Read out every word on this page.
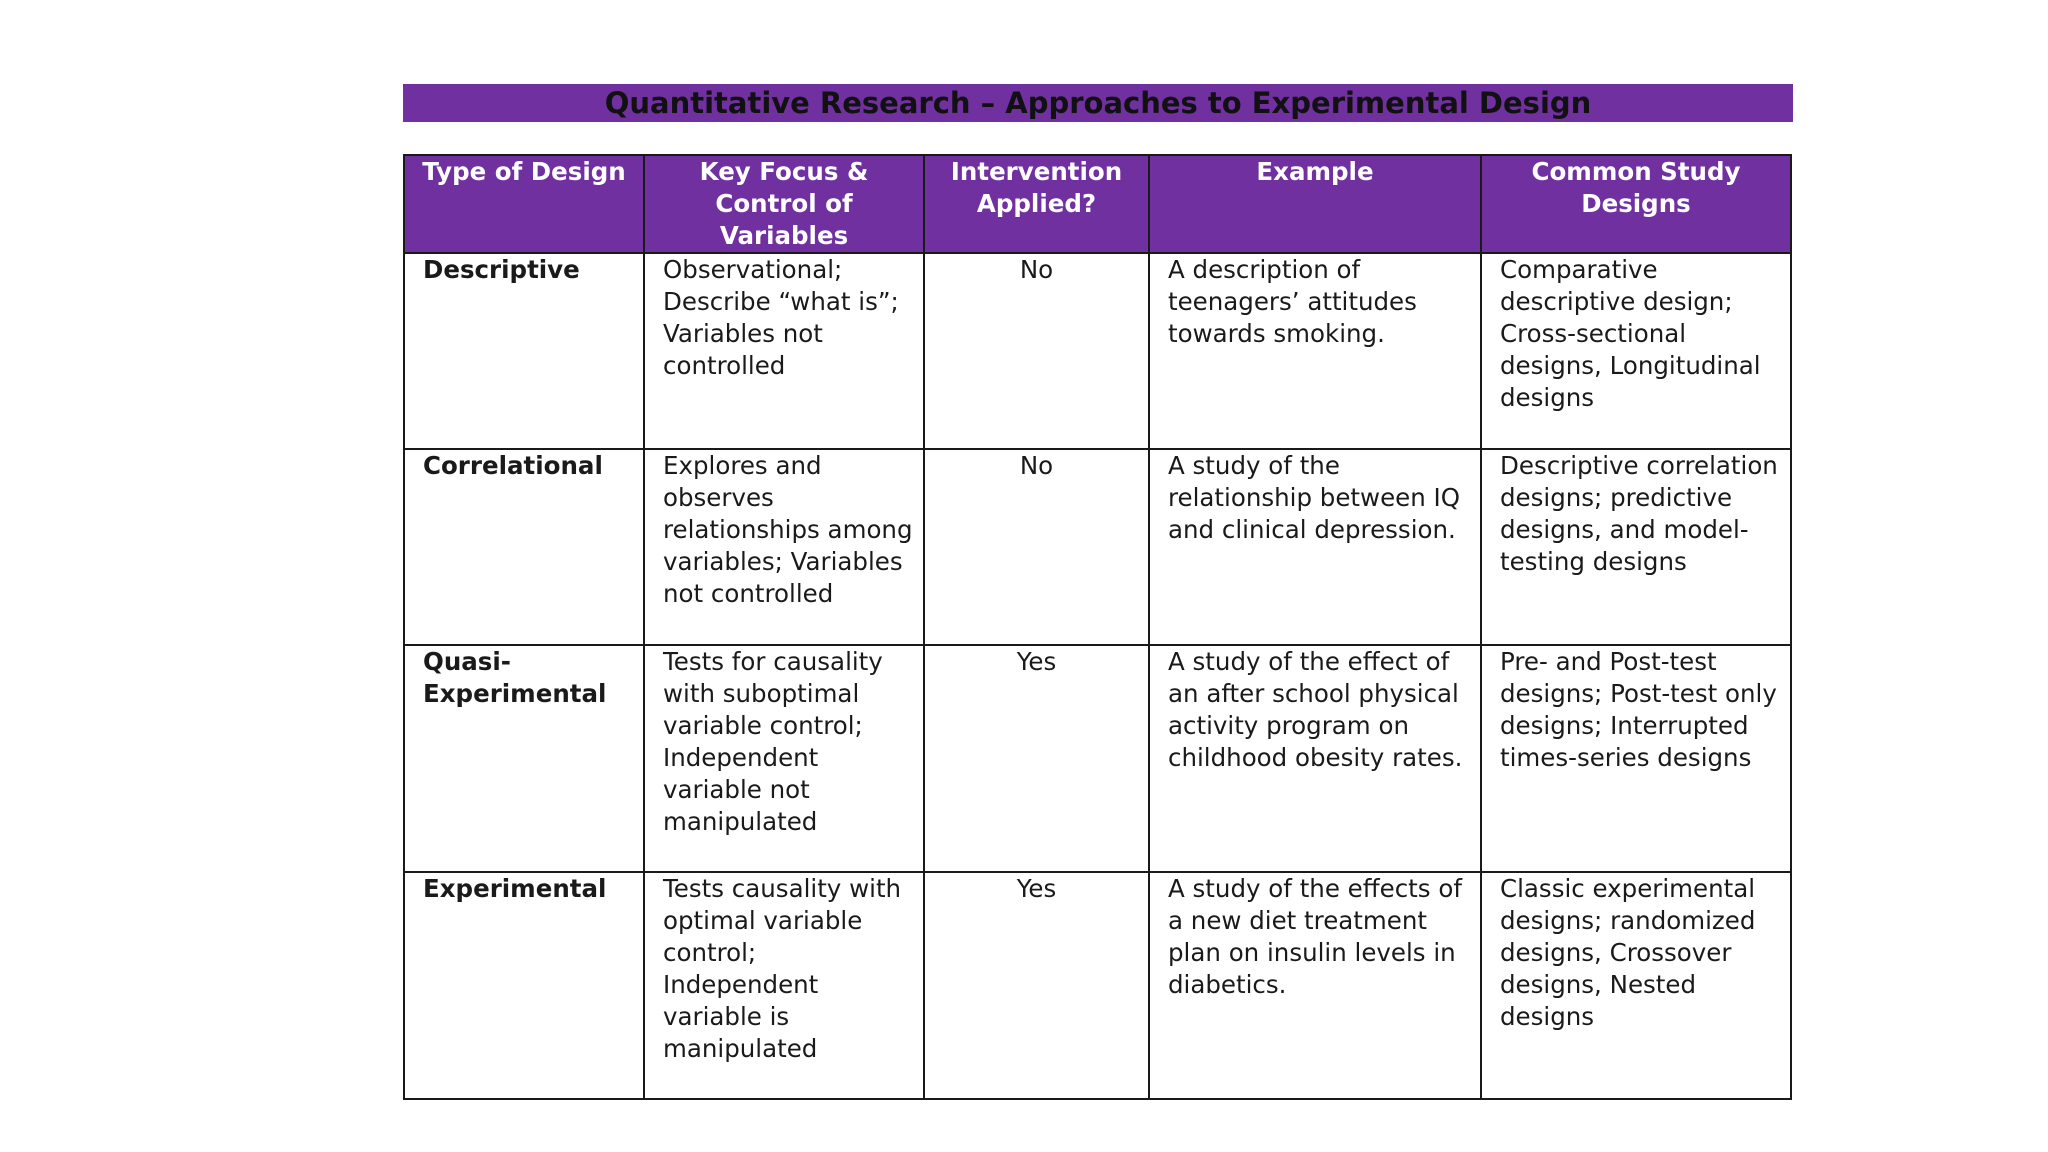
Quantitative Research – Approaches to Experimental Design
Type of Design	Key Focus & Control of Variables	Intervention Applied?	Example	Common Study Designs
Descriptive	Observational; Describe “what is”; Variables not controlled	No	A description of teenagers’ attitudes towards smoking.	Comparative descriptive design; Cross-sectional designs, Longitudinal designs
Correlational	Explores and observes relationships among variables; Variables not controlled	No	A study of the relationship between IQ and clinical depression.	Descriptive correlation designs; predictive designs, and model-testing designs
Quasi-Experimental	Tests for causality with suboptimal variable control; Independent variable not manipulated	Yes	A study of the effect of an after school physical activity program on childhood obesity rates.	Pre- and Post-test designs; Post-test only designs; Interrupted times-series designs
Experimental	Tests causality with optimal variable control; Independent variable is manipulated	Yes	A study of the effects of a new diet treatment plan on insulin levels in diabetics.	Classic experimental designs; randomized designs, Crossover designs, Nested designs
